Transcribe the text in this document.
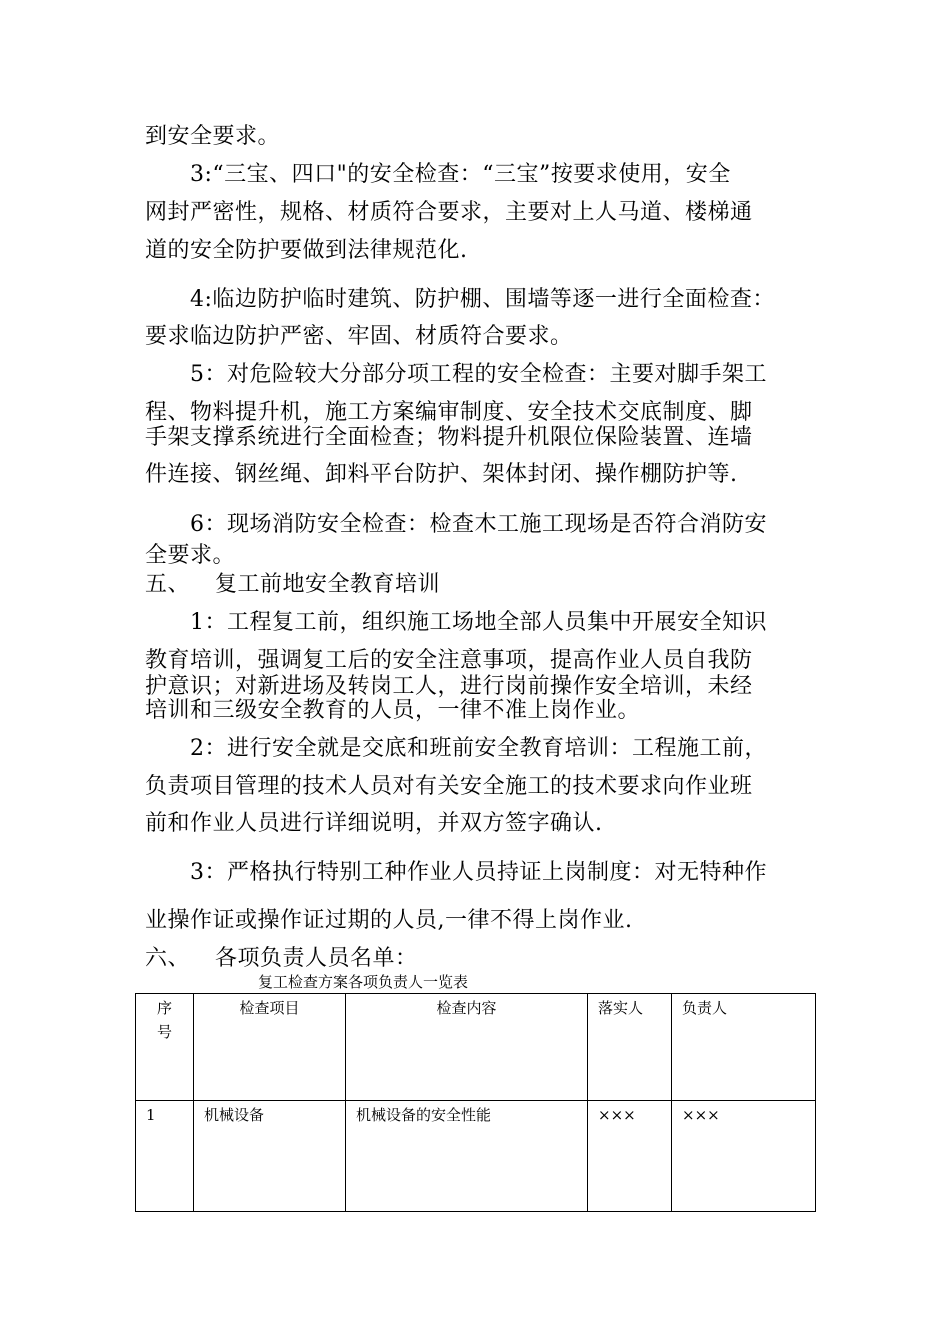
到安全要求。
3:“三宝、四口"的安全检查：“三宝”按要求使用，安全
网封严密性，规格、材质符合要求，主要对上人马道、楼梯通
道的安全防护要做到法律规范化.
4:临边防护临时建筑、防护棚、围墙等逐一进行全面检查：
要求临边防护严密、牢固、材质符合要求。
5：对危险较大分部分项工程的安全检查：主要对脚手架工
程、物料提升机，施工方案编审制度、安全技术交底制度、脚
手架支撑系统进行全面检查；物料提升机限位保险装置、连墙
件连接、钢丝绳、卸料平台防护、架体封闭、操作棚防护等.
6：现场消防安全检查：检查木工施工现场是否符合消防安
全要求。
五、 复工前地安全教育培训
1：工程复工前，组织施工场地全部人员集中开展安全知识
教育培训，强调复工后的安全注意事项，提高作业人员自我防
护意识；对新进场及转岗工人，进行岗前操作安全培训，未经
培训和三级安全教育的人员，一律不准上岗作业。
2：进行安全就是交底和班前安全教育培训：工程施工前，
负责项目管理的技术人员对有关安全施工的技术要求向作业班
前和作业人员进行详细说明，并双方签字确认.
3：严格执行特别工种作业人员持证上岗制度：对无特种作
业操作证或操作证过期的人员,一律不得上岗作业.
六、 各项负责人员名单：
复工检查方案各项负责人一览表
序号	检查项目	检查内容	落实人	负责人
1	机械设备	机械设备的安全性能	×××	×××
